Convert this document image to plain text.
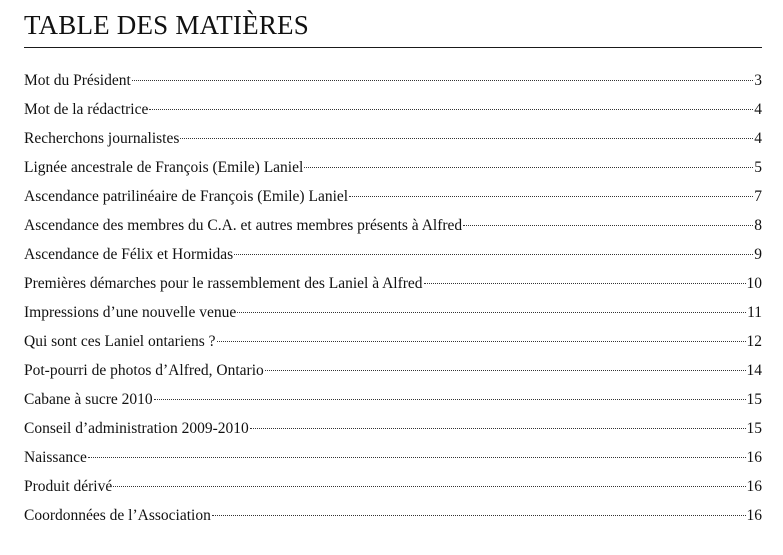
TABLE DES MATIÈRES
Mot du Président	3
Mot de la rédactrice	4
Recherchons journalistes	4
Lignée ancestrale de François (Emile) Laniel	5
Ascendance patrilinéaire de François (Emile) Laniel	7
Ascendance des membres du C.A. et autres membres présents à Alfred	8
Ascendance de Félix et Hormidas	9
Premières démarches pour le rassemblement des Laniel à Alfred	10
Impressions d’une nouvelle venue	11
Qui sont ces Laniel ontariens ?	12
Pot-pourri de photos d’Alfred, Ontario	14
Cabane à sucre 2010	15
Conseil d’administration 2009-2010	15
Naissance	16
Produit dérivé	16
Coordonnées de l’Association	16
